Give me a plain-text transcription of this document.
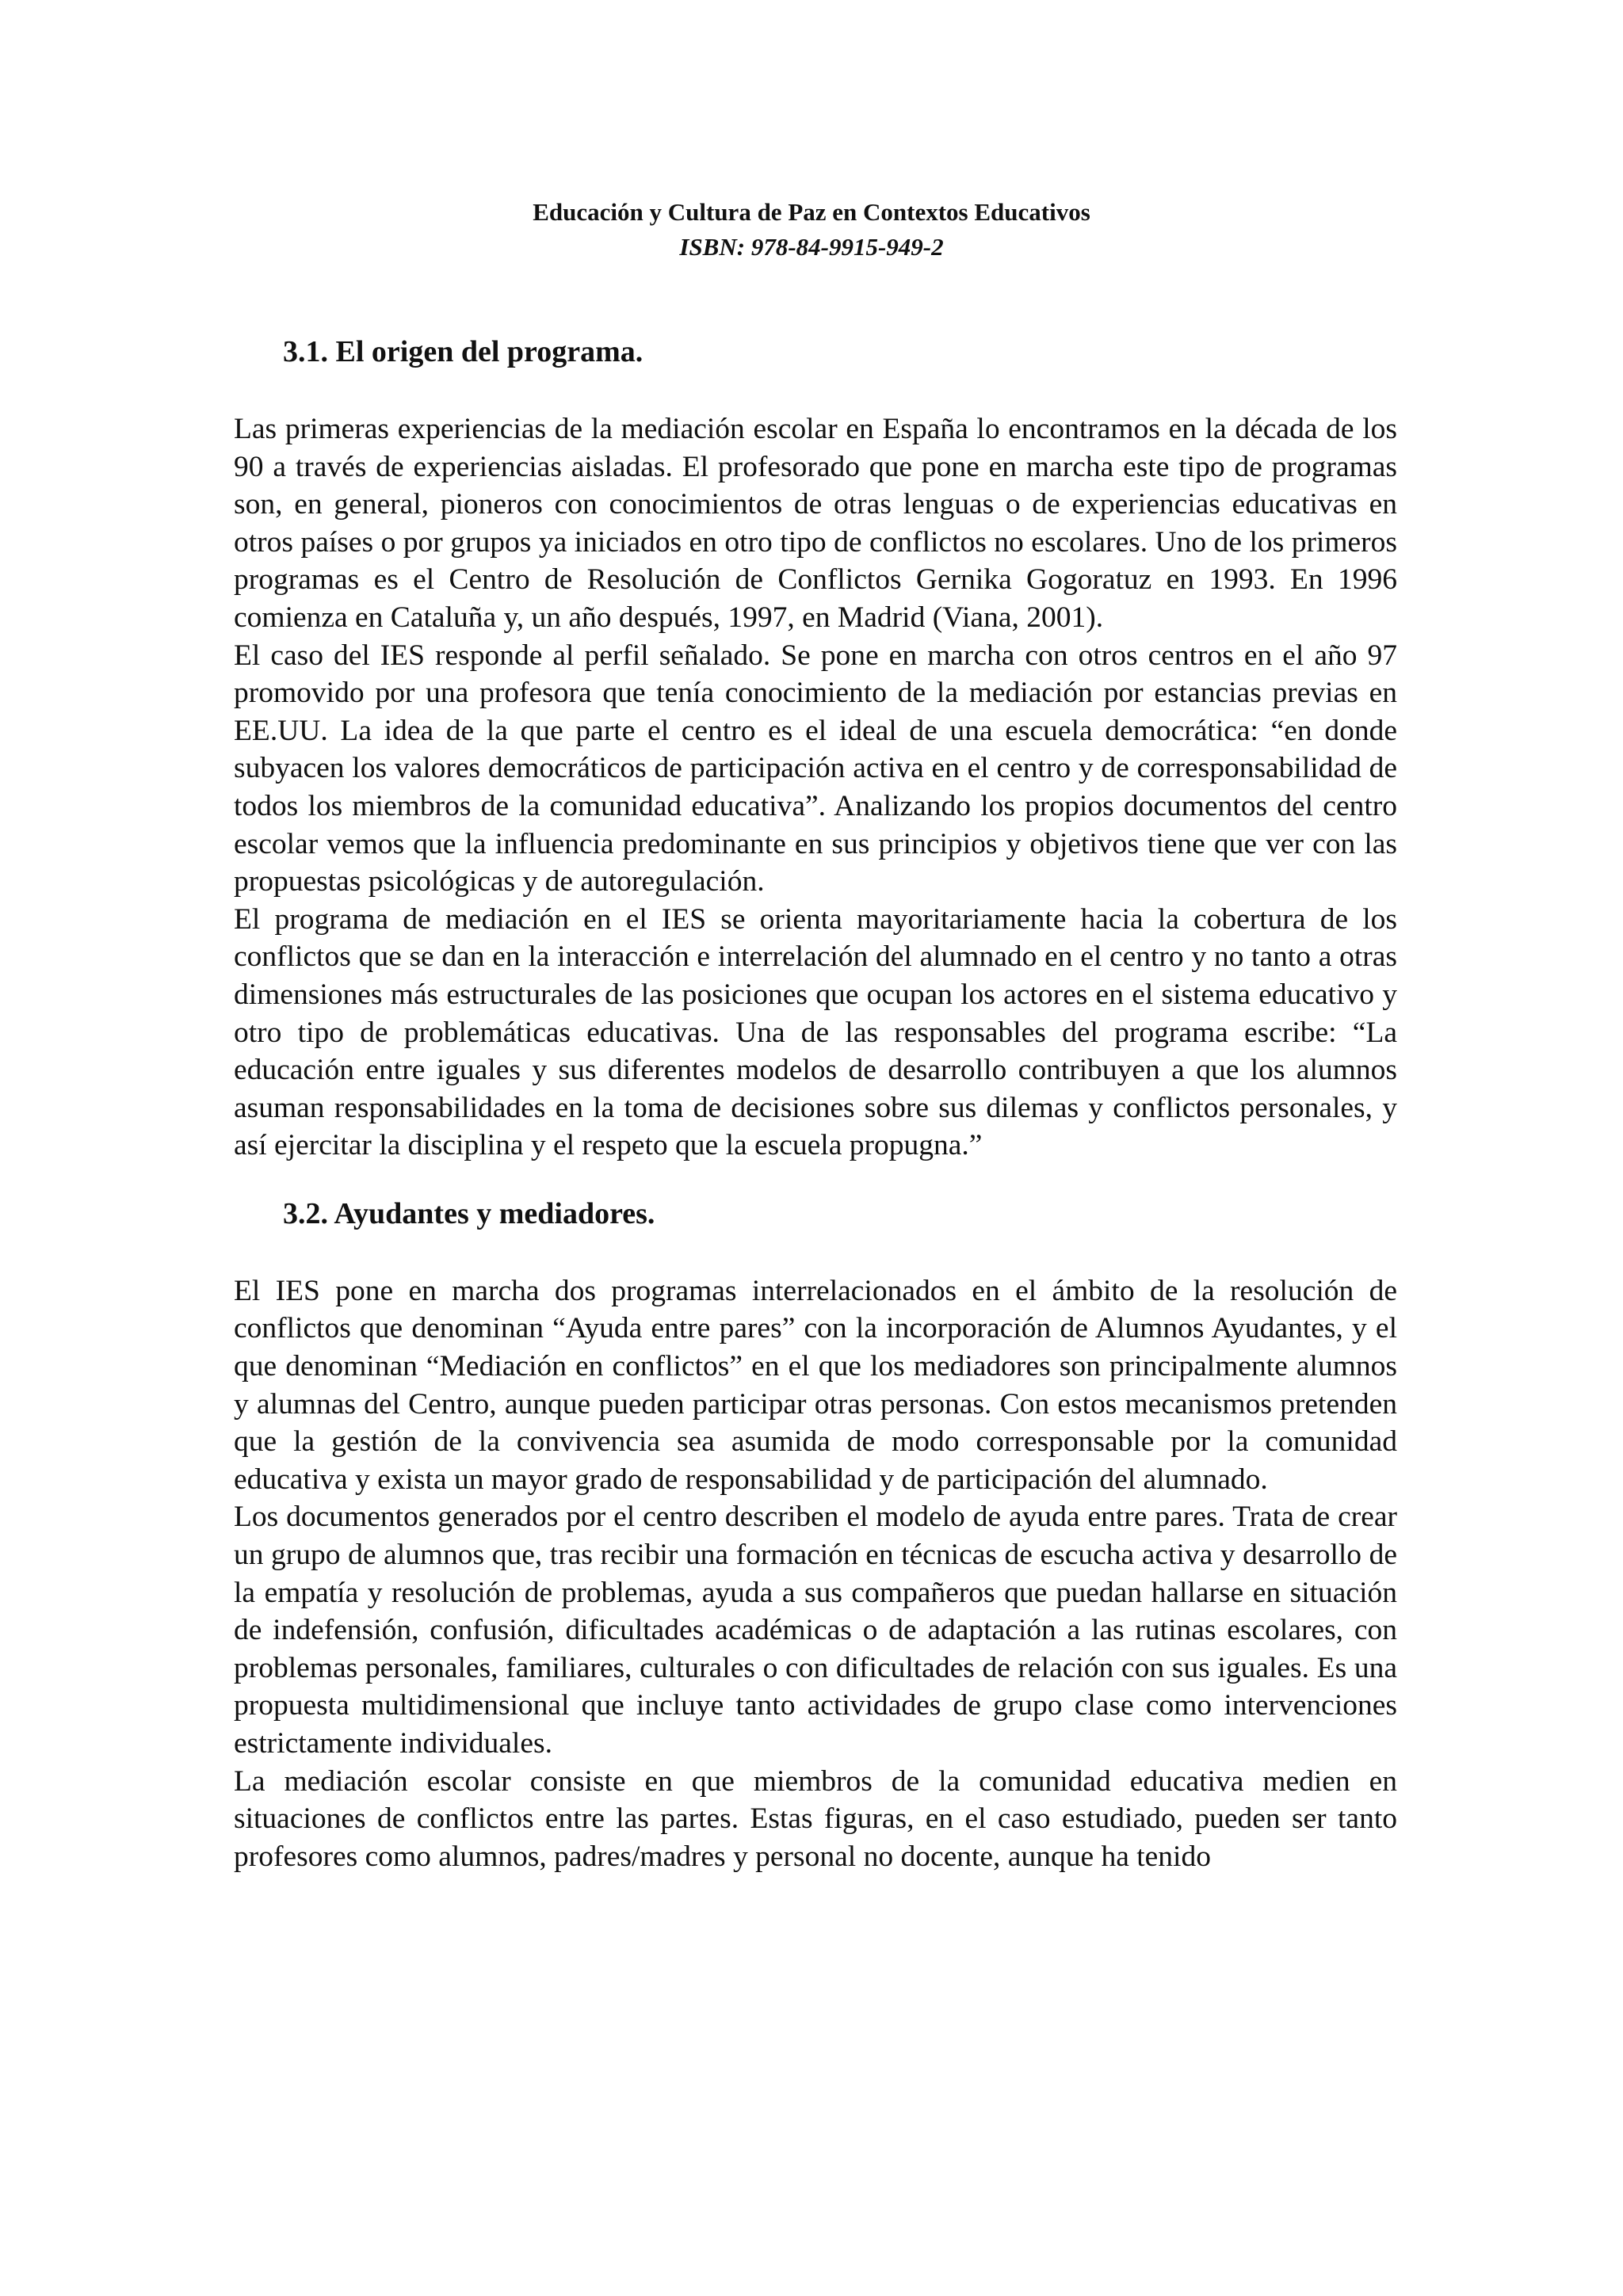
Educación y Cultura de Paz en Contextos Educativos
ISBN: 978-84-9915-949-2
3.1. El origen del programa.

Las primeras experiencias de la mediación escolar en España lo encontramos en la década de los 90 a través de experiencias aisladas. El profesorado que pone en marcha este tipo de programas son, en general, pioneros con conocimientos de otras lenguas o de experiencias educativas en otros países o por grupos ya iniciados en otro tipo de conflictos no escolares. Uno de los primeros programas es el Centro de Resolución de Conflictos Gernika Gogoratuz en 1993. En 1996 comienza en Cataluña y, un año después, 1997, en Madrid (Viana, 2001).

El caso del IES responde al perfil señalado. Se pone en marcha con otros centros en el año 97 promovido por una profesora que tenía conocimiento de la mediación por estancias previas en EE.UU. La idea de la que parte el centro es el ideal de una escuela democrática: “en donde subyacen los valores democráticos de participación activa en el centro y de corresponsabilidad de todos los miembros de la comunidad educativa”. Analizando los propios documentos del centro escolar vemos que la influencia predominante en sus principios y objetivos tiene que ver con las propuestas psicológicas y de autoregulación.

El programa de mediación en el IES se orienta mayoritariamente hacia la cobertura de los conflictos que se dan en la interacción e interrelación del alumnado en el centro y no tanto a otras dimensiones más estructurales de las posiciones que ocupan los actores en el sistema educativo y otro tipo de problemáticas educativas. Una de las responsables del programa escribe: “La educación entre iguales y sus diferentes modelos de desarrollo contribuyen a que los alumnos asuman responsabilidades en la toma de decisiones sobre sus dilemas y conflictos personales, y así ejercitar la disciplina y el respeto que la escuela propugna.”

3.2. Ayudantes y mediadores.

El IES pone en marcha dos programas interrelacionados en el ámbito de la resolución de conflictos que denominan “Ayuda entre pares” con la incorporación de Alumnos Ayudantes, y el que denominan “Mediación en conflictos” en el que los mediadores son principalmente alumnos y alumnas del Centro, aunque pueden participar otras personas. Con estos mecanismos pretenden que la gestión de la convivencia sea asumida de modo corresponsable por la comunidad educativa y exista un mayor grado de responsabilidad y de participación del alumnado.

Los documentos generados por el centro describen el modelo de ayuda entre pares. Trata de crear un grupo de alumnos que, tras recibir una formación en técnicas de escucha activa y desarrollo de la empatía y resolución de problemas, ayuda a sus compañeros que puedan hallarse en situación de indefensión, confusión, dificultades académicas o de adaptación a las rutinas escolares, con problemas personales, familiares, culturales o con dificultades de relación con sus iguales. Es una propuesta multidimensional que incluye tanto actividades de grupo clase como intervenciones estrictamente individuales.

La mediación escolar consiste en que miembros de la comunidad educativa medien en situaciones de conflictos entre las partes. Estas figuras, en el caso estudiado, pueden ser tanto profesores como alumnos, padres/madres y personal no docente, aunque ha tenido
